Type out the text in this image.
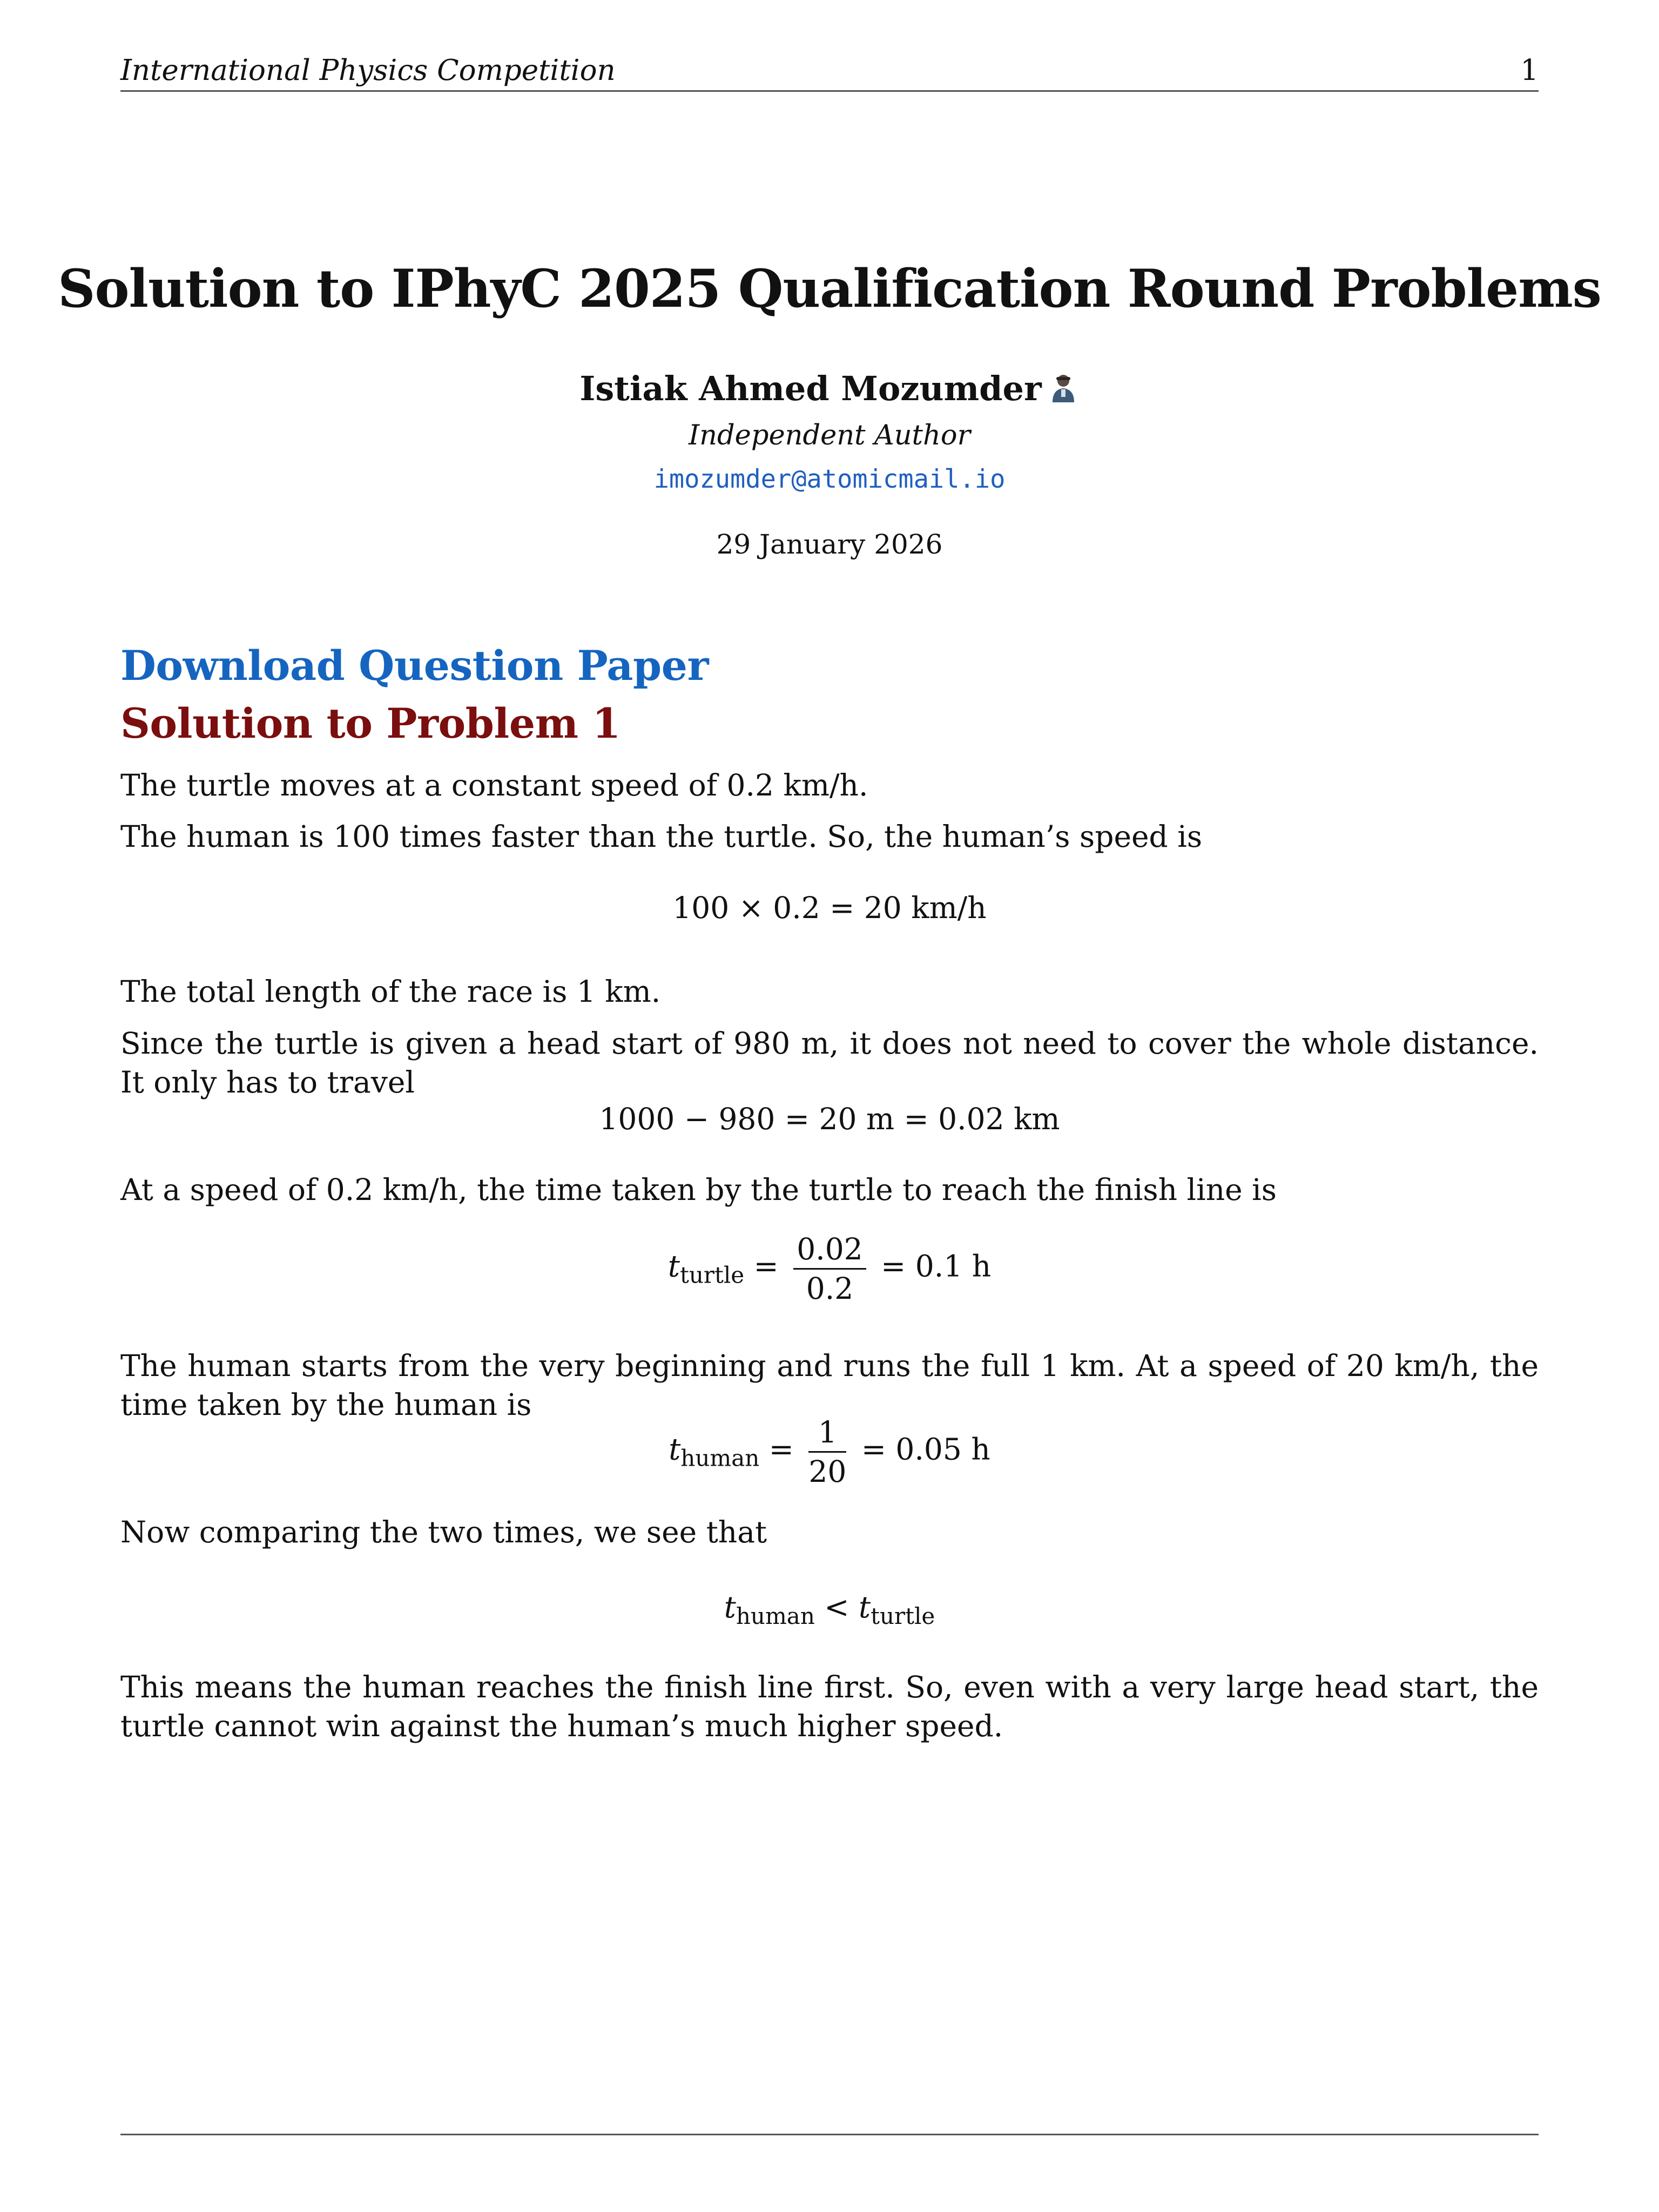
International Physics Competition	1
Solution to IPhyC 2025 Qualification Round Problems
Istiak Ahmed Mozumder
Independent Author
imozumder@atomicmail.io
29 January 2026
Download Question Paper
Solution to Problem 1
The turtle moves at a constant speed of 0.2 km/h.
The human is 100 times faster than the turtle. So, the human’s speed is
100 × 0.2 = 20 km/h
The total length of the race is 1 km.
Since the turtle is given a head start of 980 m, it does not need to cover the whole distance. It only has to travel
1000 − 980 = 20 m = 0.02 km
At a speed of 0.2 km/h, the time taken by the turtle to reach the finish line is
$t_{turtle} = \frac{0.02}{0.2} = 0.1$ h
The human starts from the very beginning and runs the full 1 km. At a speed of 20 km/h, the time taken by the human is
$t_{human} = \frac{1}{20} = 0.05$ h
Now comparing the two times, we see that
$t_{human} < t_{turtle}$
This means the human reaches the finish line first. So, even with a very large head start, the turtle cannot win against the human’s much higher speed.
